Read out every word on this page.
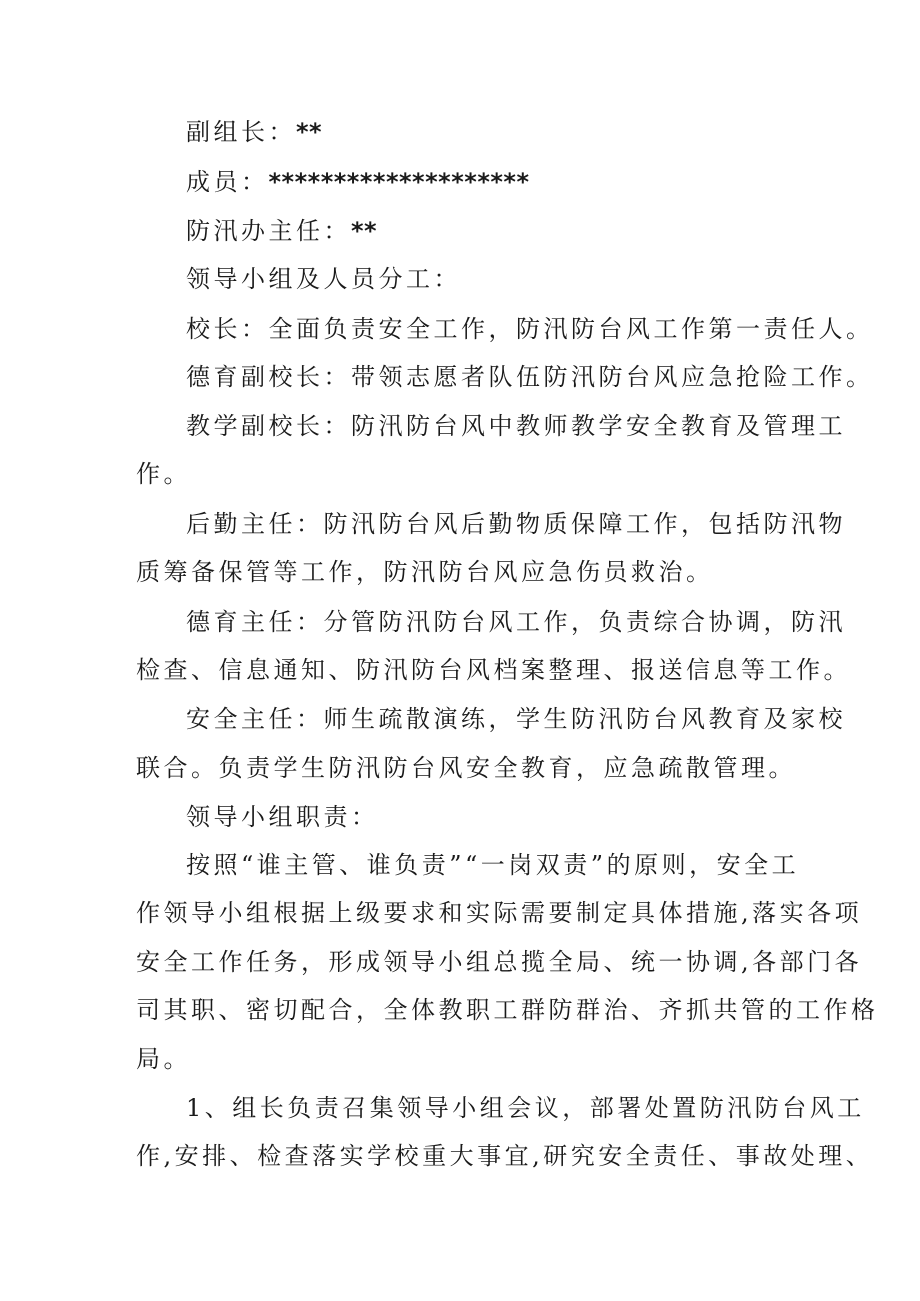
副组长：**
成员：********************
防汛办主任：**
领导小组及人员分工：
校长：全面负责安全工作，防汛防台风工作第一责任人。
德育副校长：带领志愿者队伍防汛防台风应急抢险工作。
教学副校长：防汛防台风中教师教学安全教育及管理工
作。
后勤主任：防汛防台风后勤物质保障工作，包括防汛物
质筹备保管等工作，防汛防台风应急伤员救治。
德育主任：分管防汛防台风工作，负责综合协调，防汛
检查、信息通知、防汛防台风档案整理、报送信息等工作。
安全主任：师生疏散演练，学生防汛防台风教育及家校
联合。负责学生防汛防台风安全教育，应急疏散管理。
领导小组职责：
按照“谁主管、谁负责”“一岗双责”的原则，安全工
作领导小组根据上级要求和实际需要制定具体措施,落实各项
安全工作任务，形成领导小组总揽全局、统一协调,各部门各
司其职、密切配合，全体教职工群防群治、齐抓共管的工作格
局。
1、组长负责召集领导小组会议，部署处置防汛防台风工
作,安排、检查落实学校重大事宜,研究安全责任、事故处理、
